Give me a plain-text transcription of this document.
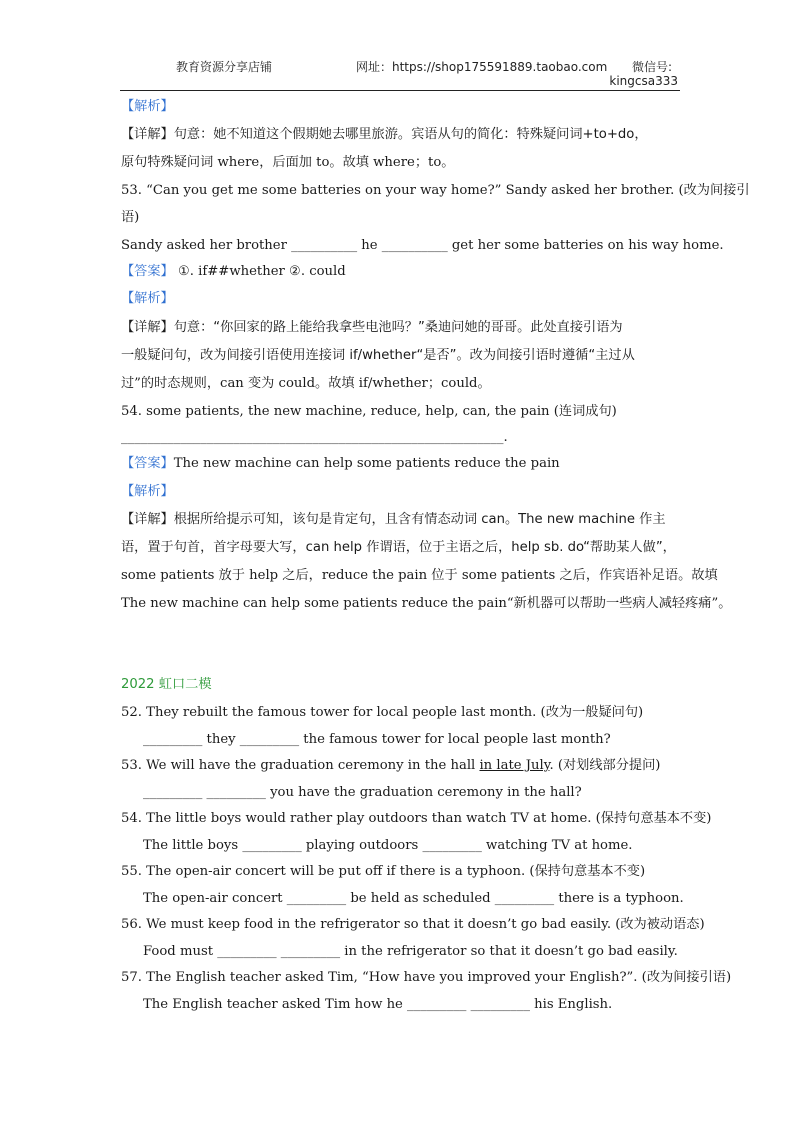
教育资源分享店铺	网址：https://shop175591889.taobao.com 微信号:
kingcsa333
【解析】
【详解】句意：她不知道这个假期她去哪里旅游。宾语从句的简化：特殊疑问词+to+do，
原句特殊疑问词 where，后面加 to。故填 where；to。
53. “Can you get me some batteries on your way home?” Sandy asked her brother. (改为间接引
语)
Sandy asked her brother __________ he __________ get her some batteries on his way home.
【答案】 ①. if##whether ②. could
【解析】
【详解】句意：“你回家的路上能给我拿些电池吗？”桑迪问她的哥哥。此处直接引语为
一般疑问句，改为间接引语使用连接词 if/whether“是否”。改为间接引语时遵循“主过从
过”的时态规则，can 变为 could。故填 if/whether；could。
54. some patients, the new machine, reduce, help, can, the pain (连词成句)
__________________________________________________________.
【答案】The new machine can help some patients reduce the pain
【解析】
【详解】根据所给提示可知，该句是肯定句，且含有情态动词 can。The new machine 作主
语，置于句首，首字母要大写，can help 作谓语，位于主语之后，help sb. do“帮助某人做”，
some patients 放于 help 之后，reduce the pain 位于 some patients 之后，作宾语补足语。故填
The new machine can help some patients reduce the pain“新机器可以帮助一些病人减轻疼痛”。
2022 虹口二模
52. They rebuilt the famous tower for local people last month. (改为一般疑问句)
_________ they _________ the famous tower for local people last month?
53. We will have the graduation ceremony in the hall in late July. (对划线部分提问)
_________ _________ you have the graduation ceremony in the hall?
54. The little boys would rather play outdoors than watch TV at home. (保持句意基本不变)
The little boys _________ playing outdoors _________ watching TV at home.
55. The open-air concert will be put off if there is a typhoon. (保持句意基本不变)
The open-air concert _________ be held as scheduled _________ there is a typhoon.
56. We must keep food in the refrigerator so that it doesn’t go bad easily. (改为被动语态)
Food must _________ _________ in the refrigerator so that it doesn’t go bad easily.
57. The English teacher asked Tim, “How have you improved your English?”. (改为间接引语)
The English teacher asked Tim how he _________ _________ his English.
